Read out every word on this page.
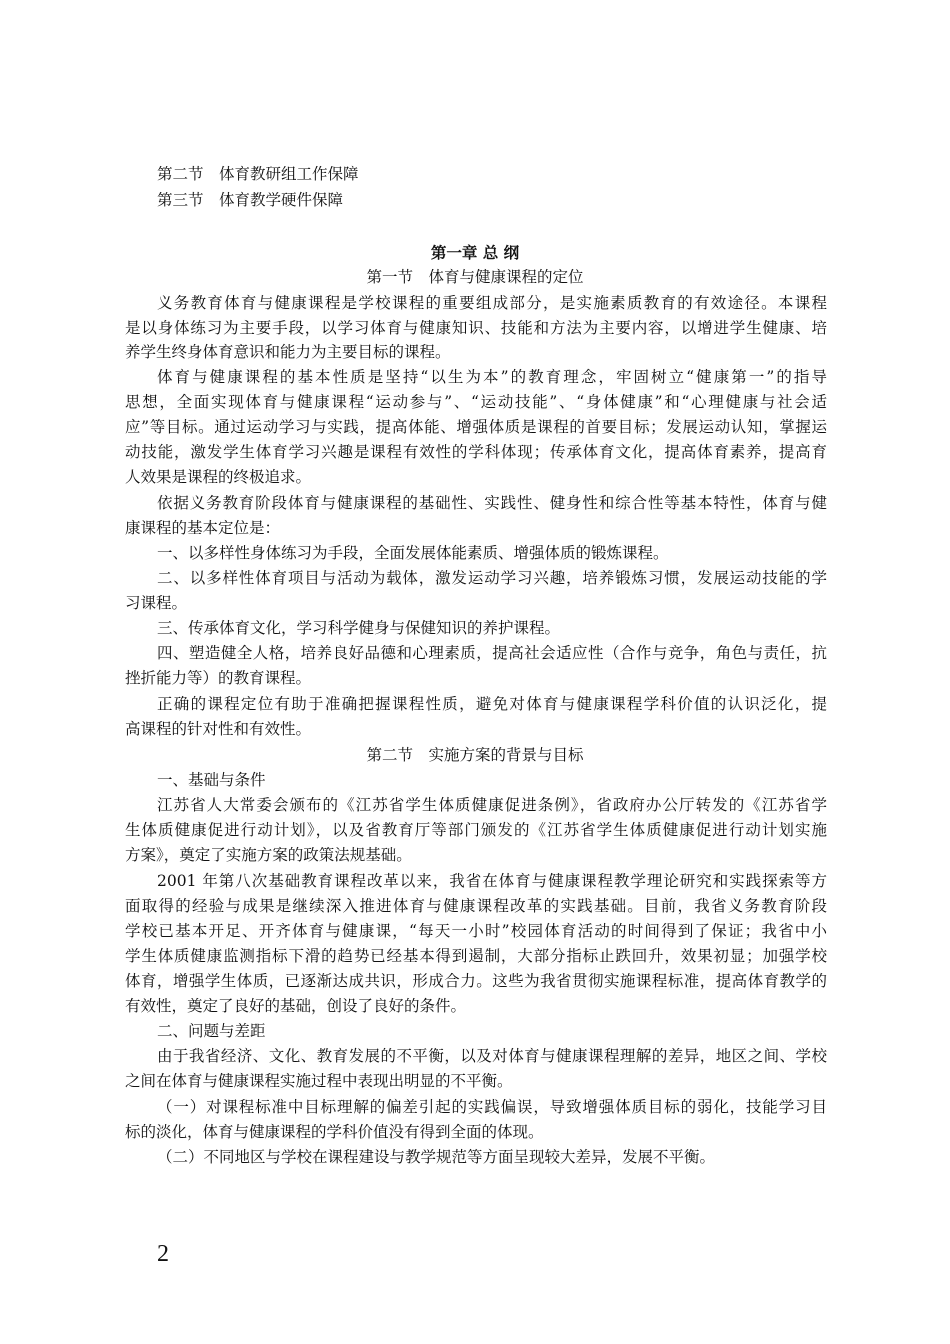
第二节　体育教研组工作保障

第三节　体育教学硬件保障

第一章 总 纲

第一节　体育与健康课程的定位

义务教育体育与健康课程是学校课程的重要组成部分，是实施素质教育的有效途径。本课程

是以身体练习为主要手段，以学习体育与健康知识、技能和方法为主要内容，以增进学生健康、培

养学生终身体育意识和能力为主要目标的课程。

体育与健康课程的基本性质是坚持“以生为本”的教育理念，牢固树立“健康第一”的指导

思想，全面实现体育与健康课程“运动参与”、“运动技能”、“身体健康”和“心理健康与社会适

应”等目标。通过运动学习与实践，提高体能、增强体质是课程的首要目标；发展运动认知，掌握运

动技能，激发学生体育学习兴趣是课程有效性的学科体现；传承体育文化，提高体育素养，提高育

人效果是课程的终极追求。

依据义务教育阶段体育与健康课程的基础性、实践性、健身性和综合性等基本特性，体育与健

康课程的基本定位是：

一、以多样性身体练习为手段，全面发展体能素质、增强体质的锻炼课程。

二、以多样性体育项目与活动为载体，激发运动学习兴趣，培养锻炼习惯，发展运动技能的学

习课程。

三、传承体育文化，学习科学健身与保健知识的养护课程。

四、塑造健全人格，培养良好品德和心理素质，提高社会适应性（合作与竞争，角色与责任，抗

挫折能力等）的教育课程。

正确的课程定位有助于准确把握课程性质，避免对体育与健康课程学科价值的认识泛化，提

高课程的针对性和有效性。

第二节　实施方案的背景与目标

一、基础与条件

江苏省人大常委会颁布的《江苏省学生体质健康促进条例》，省政府办公厅转发的《江苏省学

生体质健康促进行动计划》，以及省教育厅等部门颁发的《江苏省学生体质健康促进行动计划实施

方案》，奠定了实施方案的政策法规基础。

2001 年第八次基础教育课程改革以来，我省在体育与健康课程教学理论研究和实践探索等方

面取得的经验与成果是继续深入推进体育与健康课程改革的实践基础。目前，我省义务教育阶段

学校已基本开足、开齐体育与健康课，“每天一小时”校园体育活动的时间得到了保证；我省中小

学生体质健康监测指标下滑的趋势已经基本得到遏制，大部分指标止跌回升，效果初显；加强学校

体育，增强学生体质，已逐渐达成共识，形成合力。这些为我省贯彻实施课程标准，提高体育教学的

有效性，奠定了良好的基础，创设了良好的条件。

二、问题与差距

由于我省经济、文化、教育发展的不平衡，以及对体育与健康课程理解的差异，地区之间、学校

之间在体育与健康课程实施过程中表现出明显的不平衡。

（一）对课程标准中目标理解的偏差引起的实践偏误，导致增强体质目标的弱化，技能学习目

标的淡化，体育与健康课程的学科价值没有得到全面的体现。

（二）不同地区与学校在课程建设与教学规范等方面呈现较大差异，发展不平衡。

2
